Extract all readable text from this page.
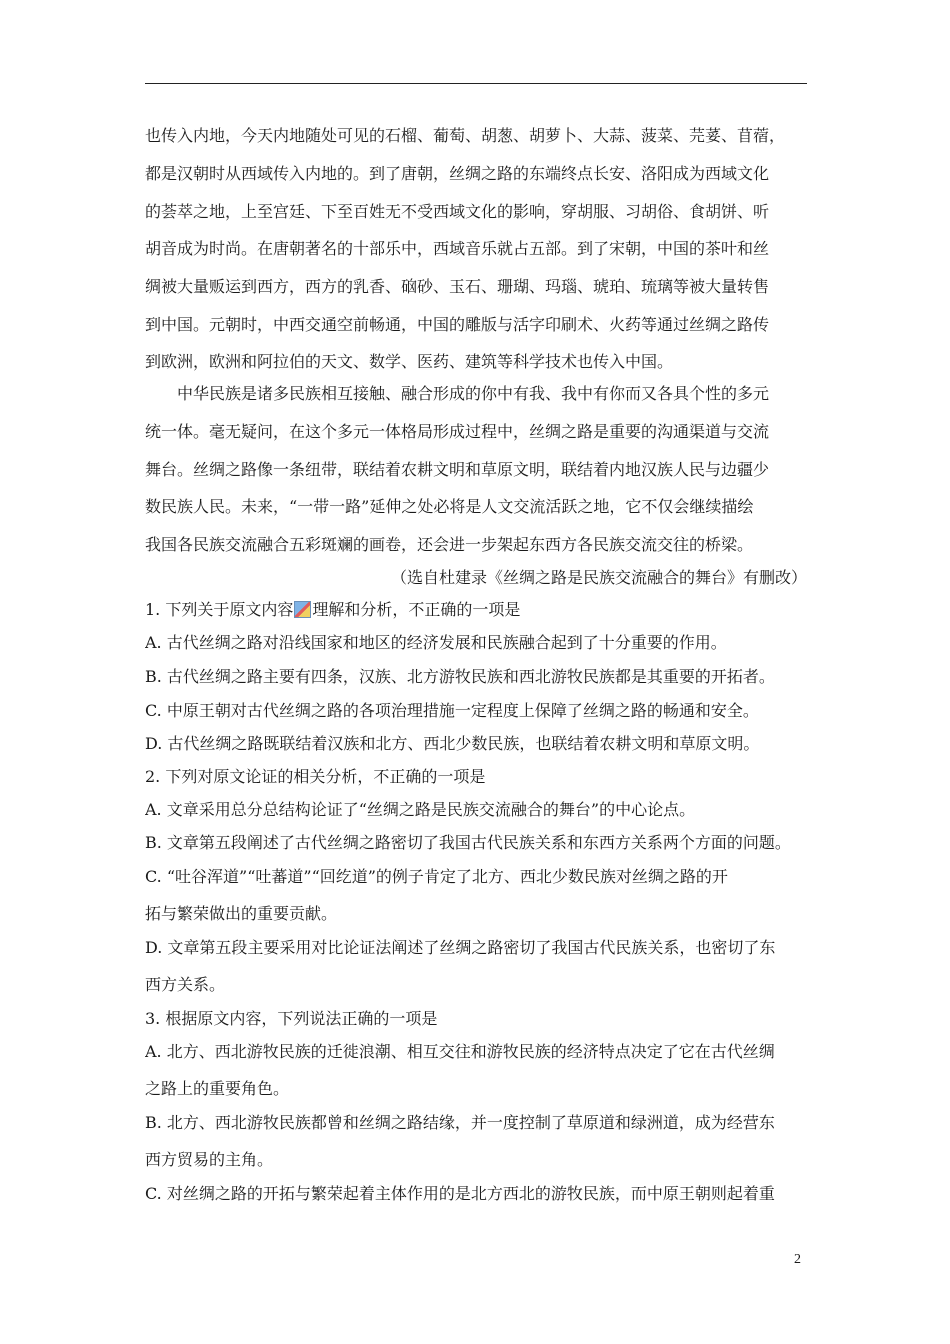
也传入内地，今天内地随处可见的石榴、葡萄、胡葱、胡萝卜、大蒜、菠菜、芫荽、苜蓿，
都是汉朝时从西域传入内地的。到了唐朝，丝绸之路的东端终点长安、洛阳成为西域文化
的荟萃之地，上至宫廷、下至百姓无不受西域文化的影响，穿胡服、习胡俗、食胡饼、听
胡音成为时尚。在唐朝著名的十部乐中，西域音乐就占五部。到了宋朝，中国的茶叶和丝
绸被大量贩运到西方，西方的乳香、硇砂、玉石、珊瑚、玛瑙、琥珀、琉璃等被大量转售
到中国。元朝时，中西交通空前畅通，中国的雕版与活字印刷术、火药等通过丝绸之路传
到欧洲，欧洲和阿拉伯的天文、数学、医药、建筑等科学技术也传入中国。
中华民族是诸多民族相互接触、融合形成的你中有我、我中有你而又各具个性的多元
统一体。毫无疑问，在这个多元一体格局形成过程中，丝绸之路是重要的沟通渠道与交流
舞台。丝绸之路像一条纽带，联结着农耕文明和草原文明，联结着内地汉族人民与边疆少
数民族人民。未来，“一带一路”延伸之处必将是人文交流活跃之地，它不仅会继续描绘
我国各民族交流融合五彩斑斓的画卷，还会进一步架起东西方各民族交流交往的桥梁。
（选自杜建录《丝绸之路是民族交流融合的舞台》有删改）
1. 下列关于原文内容 理解和分析，不正确的一项是
A. 古代丝绸之路对沿线国家和地区的经济发展和民族融合起到了十分重要的作用。
B. 古代丝绸之路主要有四条，汉族、北方游牧民族和西北游牧民族都是其重要的开拓者。
C. 中原王朝对古代丝绸之路的各项治理措施一定程度上保障了丝绸之路的畅通和安全。
D. 古代丝绸之路既联结着汉族和北方、西北少数民族，也联结着农耕文明和草原文明。
2. 下列对原文论证的相关分析，不正确的一项是
A. 文章采用总分总结构论证了“丝绸之路是民族交流融合的舞台”的中心论点。
B. 文章第五段阐述了古代丝绸之路密切了我国古代民族关系和东西方关系两个方面的问题。
C. “吐谷浑道”“吐蕃道”“回纥道”的例子肯定了北方、西北少数民族对丝绸之路的开
拓与繁荣做出的重要贡献。
D. 文章第五段主要采用对比论证法阐述了丝绸之路密切了我国古代民族关系，也密切了东
西方关系。
3. 根据原文内容，下列说法正确的一项是
A. 北方、西北游牧民族的迁徙浪潮、相互交往和游牧民族的经济特点决定了它在古代丝绸
之路上的重要角色。
B. 北方、西北游牧民族都曾和丝绸之路结缘，并一度控制了草原道和绿洲道，成为经营东
西方贸易的主角。
C. 对丝绸之路的开拓与繁荣起着主体作用的是北方西北的游牧民族，而中原王朝则起着重
2
